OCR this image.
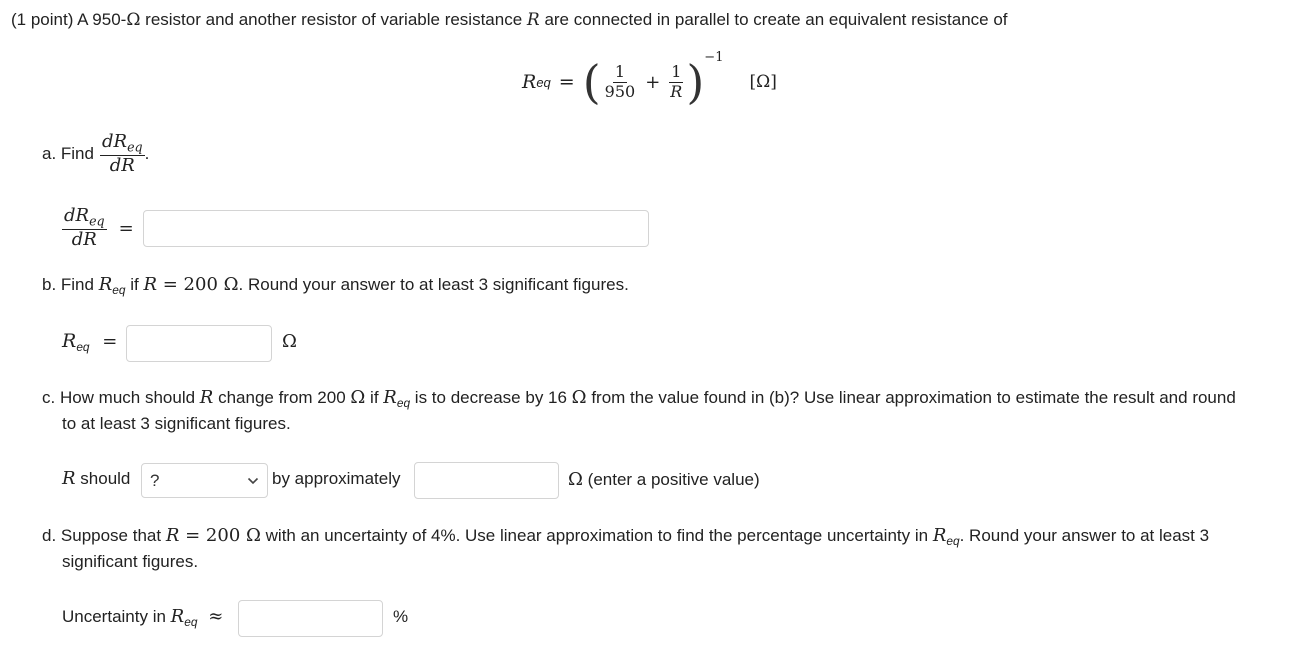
(1 point) A 950-Ω resistor and another resistor of variable resistance R are connected in parallel to create an equivalent resistance of
R eq = ( $\frac{1}{950} + \frac{1}{R}$ ) −1
[Ω]
a. Find $\frac{dR_{eq}}{dR}$ .
$\frac{dR_{eq}}{dR}$ =
b. Find $R_{eq}$ if R = 200 Ω. Round your answer to at least 3 significant figures.
$R_{eq}$ =	Ω
c. How much should R change from 200 Ω if $R_{eq}$ is to decrease by 16 Ω from the value found in (b)? Use linear approximation to estimate the result and round
to at least 3 significant figures.
R should ?	by approximately	Ω (enter a positive value)
d. Suppose that R = 200 Ω with an uncertainty of 4%. Use linear approximation to find the percentage uncertainty in $R_{eq}$. Round your answer to at least 3
significant figures.
Uncertainty in $R_{eq}$ ≈	%
